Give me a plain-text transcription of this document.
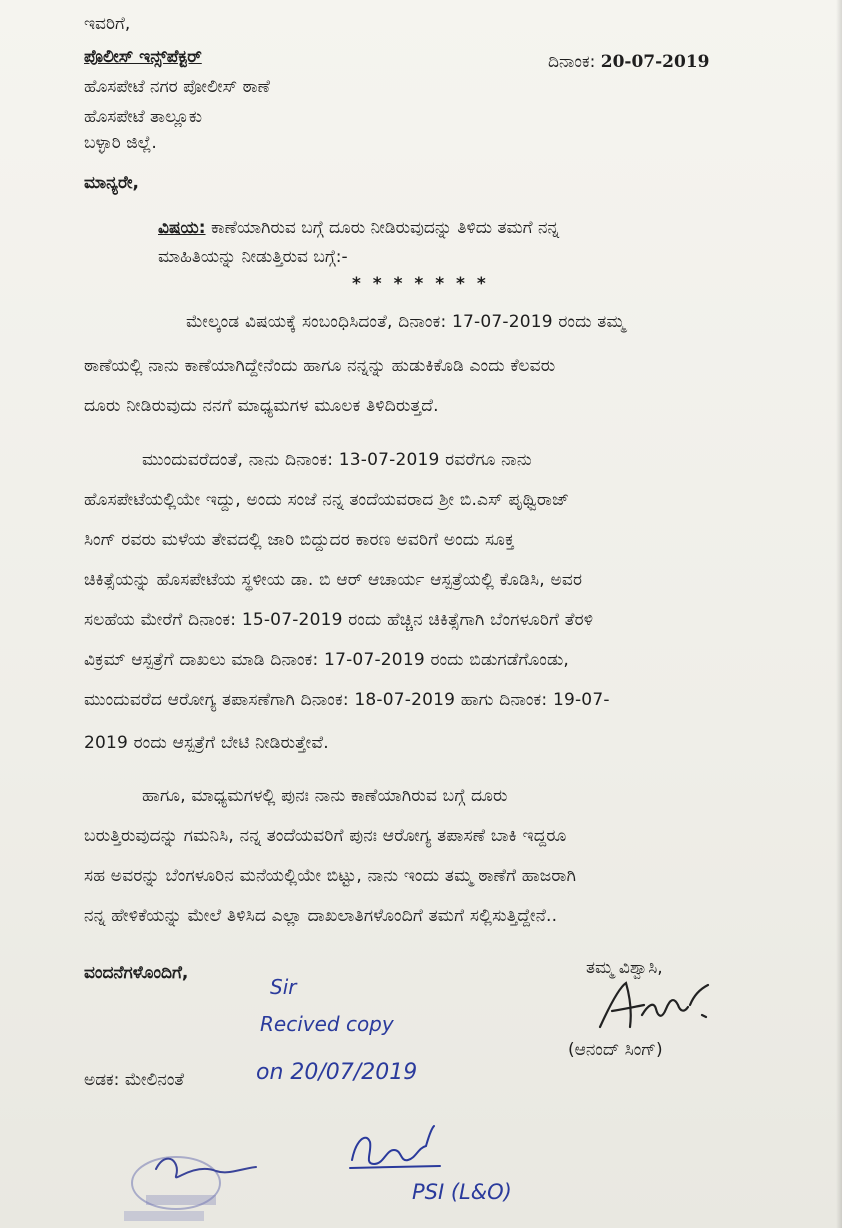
ಇವರಿಗೆ,
ಪೊಲೀಸ್ ಇನ್ಸ್‌ಪೆಕ್ಟರ್
ಹೊಸಪೇಟೆ ನಗರ ಪೋಲೀಸ್ ಠಾಣೆ
ಹೊಸಪೇಟೆ ತಾಲ್ಲೂಕು
ಬಳ್ಳಾರಿ ಜಿಲ್ಲೆ.
ದಿನಾಂಕ: 20-07-2019
ಮಾನ್ಯರೇ,
ವಿಷಯ: ಕಾಣೆಯಾಗಿರುವ ಬಗ್ಗೆ ದೂರು ನೀಡಿರುವುದನ್ನು ತಿಳಿದು ತಮಗೆ ನನ್ನ
ಮಾಹಿತಿಯನ್ನು ನೀಡುತ್ತಿರುವ ಬಗ್ಗೆ:-
* * * * * * *
ಮೇಲ್ಕಂಡ ವಿಷಯಕ್ಕೆ ಸಂಬಂಧಿಸಿದಂತೆ, ದಿನಾಂಕ: 17-07-2019 ರಂದು ತಮ್ಮ
ಠಾಣೆಯಲ್ಲಿ ನಾನು ಕಾಣೆಯಾಗಿದ್ದೇನೆಂದು ಹಾಗೂ ನನ್ನನ್ನು ಹುಡುಕಿಕೊಡಿ ಎಂದು ಕೆಲವರು
ದೂರು ನೀಡಿರುವುದು ನನಗೆ ಮಾಧ್ಯಮಗಳ ಮೂಲಕ ತಿಳಿದಿರುತ್ತದೆ.
ಮುಂದುವರೆದಂತೆ, ನಾನು ದಿನಾಂಕ: 13-07-2019 ರವರೆಗೂ ನಾನು
ಹೊಸಪೇಟೆಯಲ್ಲಿಯೇ ಇದ್ದು, ಅಂದು ಸಂಜೆ ನನ್ನ ತಂದೆಯವರಾದ ಶ್ರೀ ಬಿ.ಎಸ್ ಪೃಥ್ವಿರಾಜ್
ಸಿಂಗ್ ರವರು ಮಳೆಯ ತೇವದಲ್ಲಿ ಜಾರಿ ಬಿದ್ದುದರ ಕಾರಣ ಅವರಿಗೆ ಅಂದು ಸೂಕ್ತ
ಚಿಕಿತ್ಸೆಯನ್ನು ಹೊಸಪೇಟೆಯ ಸ್ಥಳೀಯ ಡಾ. ಬಿ ಆರ್ ಆಚಾರ್ಯ ಆಸ್ಪತ್ರೆಯಲ್ಲಿ ಕೊಡಿಸಿ, ಅವರ
ಸಲಹೆಯ ಮೇರೆಗೆ ದಿನಾಂಕ: 15-07-2019 ರಂದು ಹೆಚ್ಚಿನ ಚಿಕಿತ್ಸೆಗಾಗಿ ಬೆಂಗಳೂರಿಗೆ ತೆರಳಿ
ವಿಕ್ರಮ್ ಆಸ್ಪತ್ರೆಗೆ ದಾಖಲು ಮಾಡಿ ದಿನಾಂಕ: 17-07-2019 ರಂದು ಬಿಡುಗಡೆಗೊಂಡು,
ಮುಂದುವರೆದ ಆರೋಗ್ಯ ತಪಾಸಣೆಗಾಗಿ ದಿನಾಂಕ: 18-07-2019 ಹಾಗು ದಿನಾಂಕ: 19-07-
2019 ರಂದು ಆಸ್ಪತ್ರೆಗೆ ಬೇಟಿ ನೀಡಿರುತ್ತೇವೆ.
ಹಾಗೂ, ಮಾಧ್ಯಮಗಳಲ್ಲಿ ಪುನಃ ನಾನು ಕಾಣೆಯಾಗಿರುವ ಬಗ್ಗೆ ದೂರು
ಬರುತ್ತಿರುವುದನ್ನು ಗಮನಿಸಿ, ನನ್ನ ತಂದೆಯವರಿಗೆ ಪುನಃ ಆರೋಗ್ಯ ತಪಾಸಣೆ ಬಾಕಿ ಇದ್ದರೂ
ಸಹ ಅವರನ್ನು ಬೆಂಗಳೂರಿನ ಮನೆಯಲ್ಲಿಯೇ ಬಿಟ್ಟು, ನಾನು ಇಂದು ತಮ್ಮ ಠಾಣೆಗೆ ಹಾಜರಾಗಿ
ನನ್ನ ಹೇಳಿಕೆಯನ್ನು ಮೇಲೆ ತಿಳಿಸಿದ ಎಲ್ಲಾ ದಾಖಲಾತಿಗಳೊಂದಿಗೆ ತಮಗೆ ಸಲ್ಲಿಸುತ್ತಿದ್ದೇನೆ..
ವಂದನೆಗಳೊಂದಿಗೆ,	ತಮ್ಮ ವಿಶ್ವಾಸಿ,
(ಆನಂದ್ ಸಿಂಗ್)
ಅಡಕ: ಮೇಲಿನಂತೆ
Sir
Recived copy
on 20/07/2019
PSI (L&O)
